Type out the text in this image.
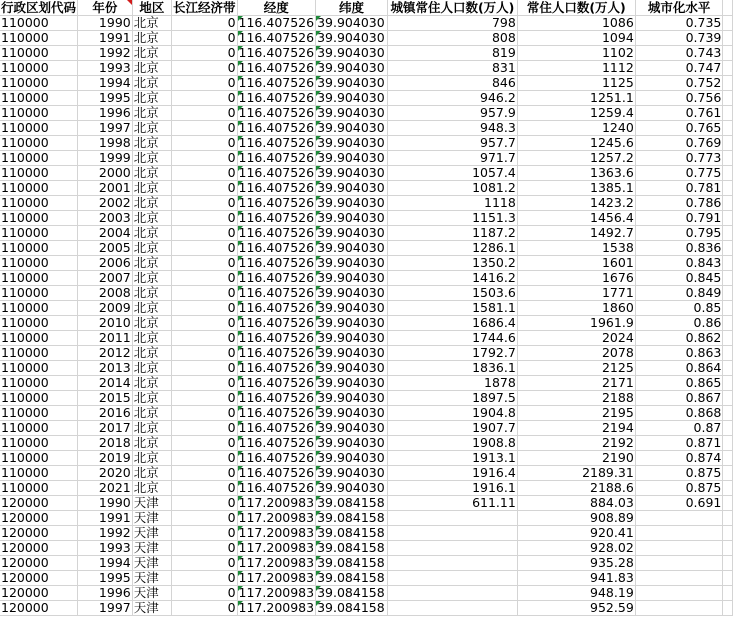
行政区划代码	年份	地区	长江经济带	经度	纬度	城镇常住人口数(万人)	常住人口数(万人)	城市化水平	
110000	1990	北京	0	116.407526	39.904030	798	1086	0.735	
110000	1991	北京	0	116.407526	39.904030	808	1094	0.739	
110000	1992	北京	0	116.407526	39.904030	819	1102	0.743	
110000	1993	北京	0	116.407526	39.904030	831	1112	0.747	
110000	1994	北京	0	116.407526	39.904030	846	1125	0.752	
110000	1995	北京	0	116.407526	39.904030	946.2	1251.1	0.756	
110000	1996	北京	0	116.407526	39.904030	957.9	1259.4	0.761	
110000	1997	北京	0	116.407526	39.904030	948.3	1240	0.765	
110000	1998	北京	0	116.407526	39.904030	957.7	1245.6	0.769	
110000	1999	北京	0	116.407526	39.904030	971.7	1257.2	0.773	
110000	2000	北京	0	116.407526	39.904030	1057.4	1363.6	0.775	
110000	2001	北京	0	116.407526	39.904030	1081.2	1385.1	0.781	
110000	2002	北京	0	116.407526	39.904030	1118	1423.2	0.786	
110000	2003	北京	0	116.407526	39.904030	1151.3	1456.4	0.791	
110000	2004	北京	0	116.407526	39.904030	1187.2	1492.7	0.795	
110000	2005	北京	0	116.407526	39.904030	1286.1	1538	0.836	
110000	2006	北京	0	116.407526	39.904030	1350.2	1601	0.843	
110000	2007	北京	0	116.407526	39.904030	1416.2	1676	0.845	
110000	2008	北京	0	116.407526	39.904030	1503.6	1771	0.849	
110000	2009	北京	0	116.407526	39.904030	1581.1	1860	0.85	
110000	2010	北京	0	116.407526	39.904030	1686.4	1961.9	0.86	
110000	2011	北京	0	116.407526	39.904030	1744.6	2024	0.862	
110000	2012	北京	0	116.407526	39.904030	1792.7	2078	0.863	
110000	2013	北京	0	116.407526	39.904030	1836.1	2125	0.864	
110000	2014	北京	0	116.407526	39.904030	1878	2171	0.865	
110000	2015	北京	0	116.407526	39.904030	1897.5	2188	0.867	
110000	2016	北京	0	116.407526	39.904030	1904.8	2195	0.868	
110000	2017	北京	0	116.407526	39.904030	1907.7	2194	0.87	
110000	2018	北京	0	116.407526	39.904030	1908.8	2192	0.871	
110000	2019	北京	0	116.407526	39.904030	1913.1	2190	0.874	
110000	2020	北京	0	116.407526	39.904030	1916.4	2189.31	0.875	
110000	2021	北京	0	116.407526	39.904030	1916.1	2188.6	0.875	
120000	1990	天津	0	117.200983	39.084158	611.11	884.03	0.691	
120000	1991	天津	0	117.200983	39.084158		908.89		
120000	1992	天津	0	117.200983	39.084158		920.41		
120000	1993	天津	0	117.200983	39.084158		928.02		
120000	1994	天津	0	117.200983	39.084158		935.28		
120000	1995	天津	0	117.200983	39.084158		941.83		
120000	1996	天津	0	117.200983	39.084158		948.19		
120000	1997	天津	0	117.200983	39.084158		952.59		
